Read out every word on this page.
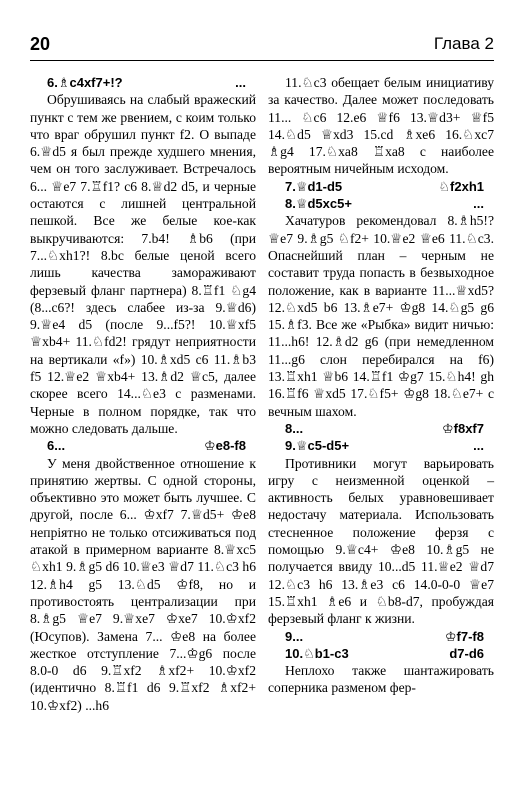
20	Глава 2
6.♗c4xf7+!?	...

Обрушиваясь на слабый вражеский пункт с тем же рвением, с коим только что враг обрушил пункт f2. О выпаде 6.♕d5 я был прежде худшего мнения, чем он того заслуживает. Встречалось 6... ♕e7 7.♖f1? c6 8.♕d2 d5, и черные остаются с лишней центральной пешкой. Все же белые кое-как выкручиваются: 7.b4! ♗b6 (при 7...♘xh1?! 8.bc белые ценой всего лишь качества замораживают ферзевый фланг партнера) 8.♖f1 ♘g4 (8...c6?! здесь слабее из-за 9.♕d6) 9.♕e4 d5 (после 9...f5?! 10.♕xf5 ♕xb4+ 11.♘fd2! грядут неприятности на вертикали «f») 10.♗xd5 c6 11.♗b3 f5 12.♕e2 ♕xb4+ 13.♗d2 ♕c5, далее скорее всего 14...♘e3 с разменами. Черные в полном порядке, так что можно следовать дальше.

6...	♔e8-f8

У меня двойственное отношение к принятию жертвы. С одной стороны, объективно это может быть лучшее. С другой, после 6... ♔xf7 7.♕d5+ ♔e8 непріятно не только отсиживаться под атакой в примерном варианте 8.♕xc5 ♘xh1 9.♗g5 d6 10.♕e3 ♕d7 11.♘c3 h6 12.♗h4 g5 13.♘d5 ♔f8, но и противостоять централизации при 8.♗g5 ♕e7 9.♕xe7 ♔xe7 10.♔xf2 (Юсупов). Замена 7... ♔e8 на более жесткое отступление 7...♔g6 после 8.0-0 d6 9.♖xf2 ♗xf2+ 10.♔xf2 (идентично 8.♖f1 d6 9.♖xf2 ♗xf2+ 10.♔xf2) ...h6

11.♘c3 обещает белым инициативу за качество. Далее может последовать 11... ♘c6 12.e6 ♕f6 13.♕d3+ ♕f5 14.♘d5 ♕xd3 15.cd ♗xe6 16.♘xc7 ♗g4 17.♘xa8 ♖xa8 с наиболее вероятным ничейным исходом.

7.♕d1-d5	♘f2xh1
8.♕d5xc5+	...

Хачатуров рекомендовал 8.♗h5!? ♕e7 9.♗g5 ♘f2+ 10.♕e2 ♕e6 11.♘c3. Опаснейший план – черным не составит труда попасть в безвыходное положение, как в варианте 11...♕xd5? 12.♘xd5 b6 13.♗e7+ ♔g8 14.♘g5 g6 15.♗f3. Все же «Рыбка» видит ничью: 11...h6! 12.♗d2 g6 (при немедленном 11...g6 слон перебирался на f6) 13.♖xh1 ♕b6 14.♖f1 ♔g7 15.♘h4! gh 16.♖f6 ♕xd5 17.♘f5+ ♔g8 18.♘e7+ с вечным шахом.

8...	♔f8xf7
9.♕c5-d5+	...

Противники могут варьировать игру с неизменной оценкой – активность белых уравновешивает недостачу материала. Использовать стесненное положение ферзя с помощью 9.♕c4+ ♔e8 10.♗g5 не получается ввиду 10...d5 11.♕e2 ♕d7 12.♘c3 h6 13.♗e3 c6 14.0-0-0 ♕e7 15.♖xh1 ♗e6 и ♘b8-d7, пробуждая ферзевый фланг к жизни.

9...	♔f7-f8
10.♘b1-c3	d7-d6

Неплохо также шантажировать соперника разменом фер-
